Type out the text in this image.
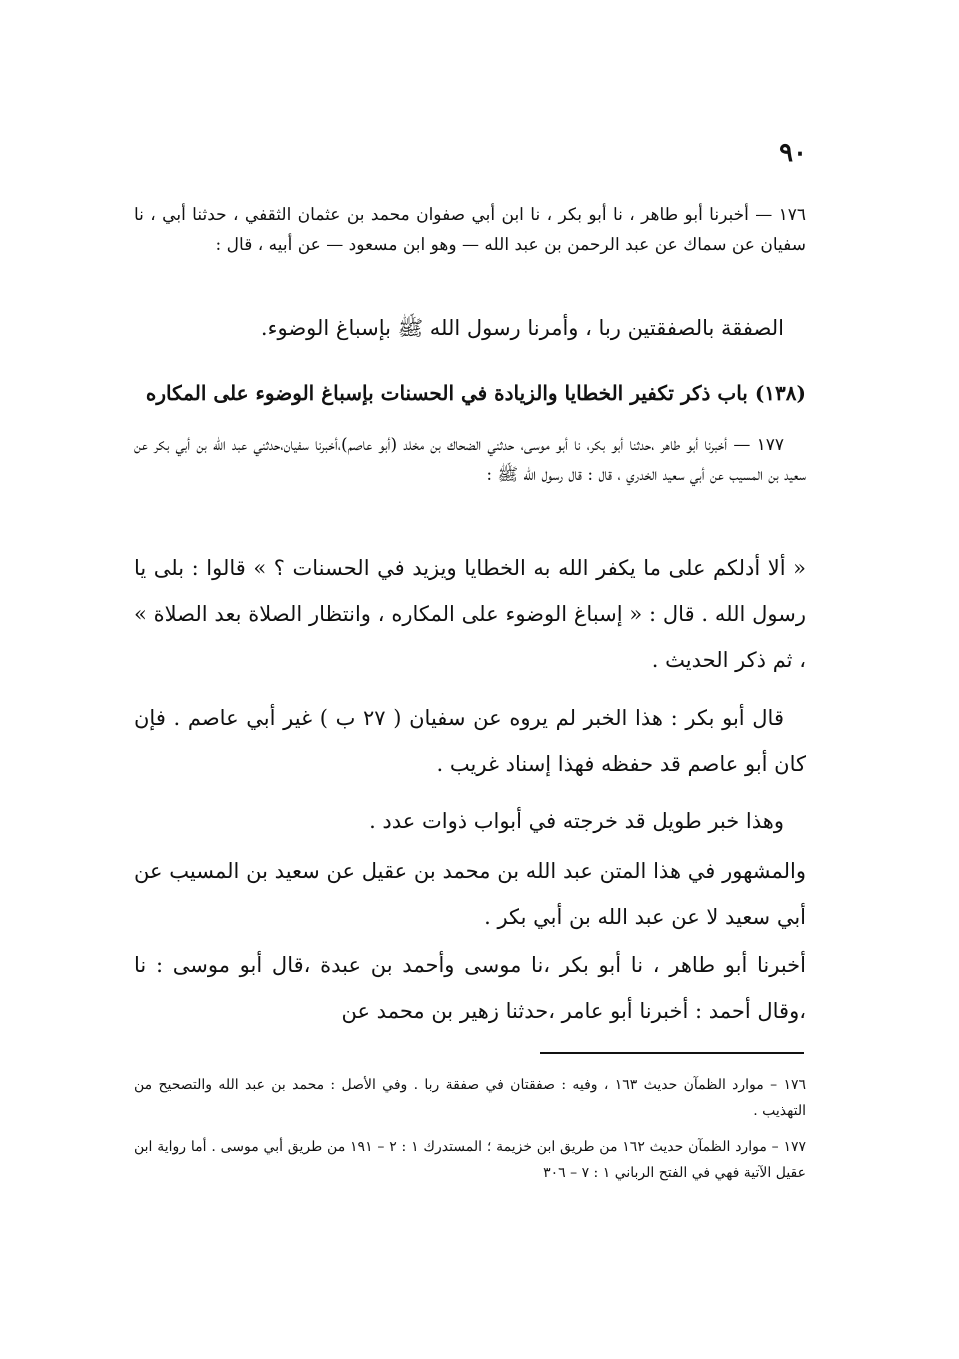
٩٠

١٧٦ — أخبرنا أبو طاهر ، نا أبو بكر ، نا ابن أبي صفوان محمد بن عثمان الثقفي ، حدثنا أبي ، نا سفيان عن سماك عن عبد الرحمن بن عبد الله — وهو ابن مسعود — عن أبيه ، قال :

الصفقة بالصفقتين ربا ، وأمرنا رسول الله ﷺ بإسباغ الوضوء.

(١٣٨) باب ذكر تكفير الخطايا والزيادة في الحسنات بإسباغ الوضوء على المكاره

١٧٧ — أخبرنا أبو طاهر ،حدثنا أبو بكر، نا أبو موسى، حدثني الضحاك بن مخلد (أبو عاصم)،أخبرنا سفيان،حدثني عبد الله بن أبي بكر عن سعيد بن المسيب عن أبي سعيد الخدري ، قال : قال رسول الله ﷺ :

« ألا أدلكم على ما يكفر الله به الخطايا ويزيد في الحسنات ؟ » قالوا : بلى يا رسول الله . قال : « إسباغ الوضوء على المكاره ، وانتظار الصلاة بعد الصلاة » ، ثم ذكر الحديث .

قال أبو بكر : هذا الخبر لم يروه عن سفيان ( ٢٧ ب ) غير أبي عاصم . فإن كان أبو عاصم قد حفظه فهذا إسناد غريب .

وهذا خبر طويل قد خرجته في أبواب ذوات عدد .

والمشهور في هذا المتن عبد الله بن محمد بن عقيل عن سعيد بن المسيب عن أبي سعيد لا عن عبد الله بن أبي بكر .

أخبرنا أبو طاهر ، نا أبو بكر ،نا موسى وأحمد بن عبدة ،قال أبو موسى : نا ،وقال أحمد : أخبرنا أبو عامر ،حدثنا زهير بن محمد عن

١٧٦ – موارد الظمآن حديث ١٦٣ ، وفيه : صفقتان في صفقة ربا . وفي الأصل : محمد بن عبد الله والتصحيح من التهذيب .

١٧٧ – موارد الظمآن حديث ١٦٢ من طريق ابن خزيمة ؛ المستدرك ١ : ٢ – ١٩١ من طريق أبي موسى . أما رواية ابن عقيل الآتية فهي في الفتح الرباني ١ : ٧ – ٣٠٦
